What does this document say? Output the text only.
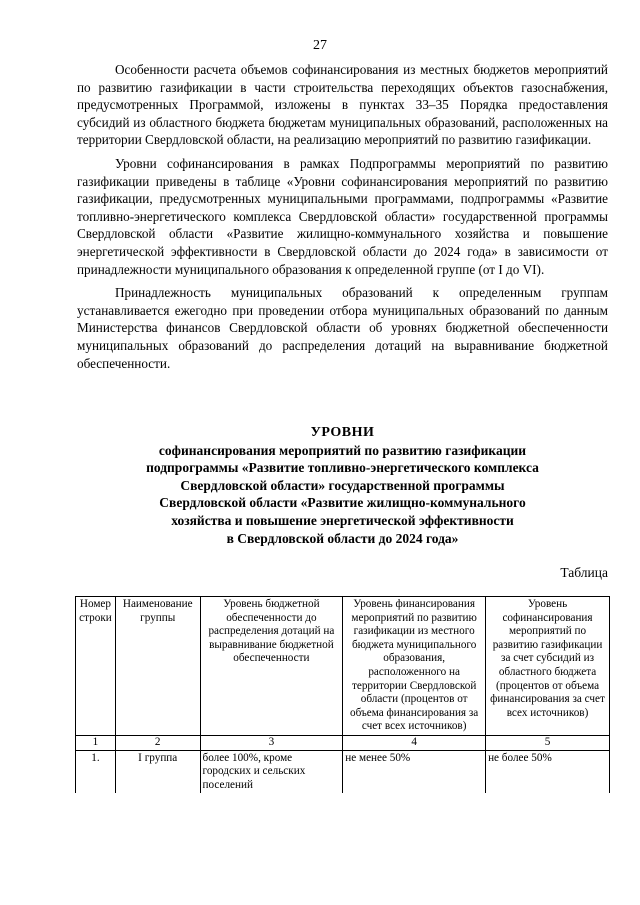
27

Особенности расчета объемов софинансирования из местных бюджетов мероприятий по развитию газификации в части строительства переходящих объектов газоснабжения, предусмотренных Программой, изложены в пунктах 33–35 Порядка предоставления субсидий из областного бюджета бюджетам муниципальных образований, расположенных на территории Свердловской области, на реализацию мероприятий по развитию газификации.

Уровни софинансирования в рамках Подпрограммы мероприятий по развитию газификации приведены в таблице «Уровни софинансирования мероприятий по развитию газификации, предусмотренных муниципальными программами, подпрограммы «Развитие топливно-энергетического комплекса Свердловской области» государственной программы Свердловской области «Развитие жилищно-коммунального хозяйства и повышение энергетической эффективности в Свердловской области до 2024 года» в зависимости от принадлежности муниципального образования к определенной группе (от I до VI).

Принадлежность муниципальных образований к определенным группам устанавливается ежегодно при проведении отбора муниципальных образований по данным Министерства финансов Свердловской области об уровнях бюджетной обеспеченности муниципальных образований до распределения дотаций на выравнивание бюджетной обеспеченности.

УРОВНИ
софинансирования мероприятий по развитию газификации
подпрограммы «Развитие топливно-энергетического комплекса
Свердловской области» государственной программы
Свердловской области «Развитие жилищно-коммунального
хозяйства и повышение энергетической эффективности
в Свердловской области до 2024 года»
Таблица
Номер строки	Наименование группы	Уровень бюджетной обеспеченности до распределения дотаций на выравнивание бюджетной обеспеченности	Уровень финансирования мероприятий по развитию газификации из местного бюджета муниципального образования, расположенного на территории Свердловской области (процентов от объема финансирования за счет всех источников)	Уровень софинансирования мероприятий по развитию газификации за счет субсидий из областного бюджета (процентов от объема финансирования за счет всех источников)
1	2	3	4	5
1.	I группа	более 100%, кроме городских и сельских поселений	не менее 50%	не более 50%
